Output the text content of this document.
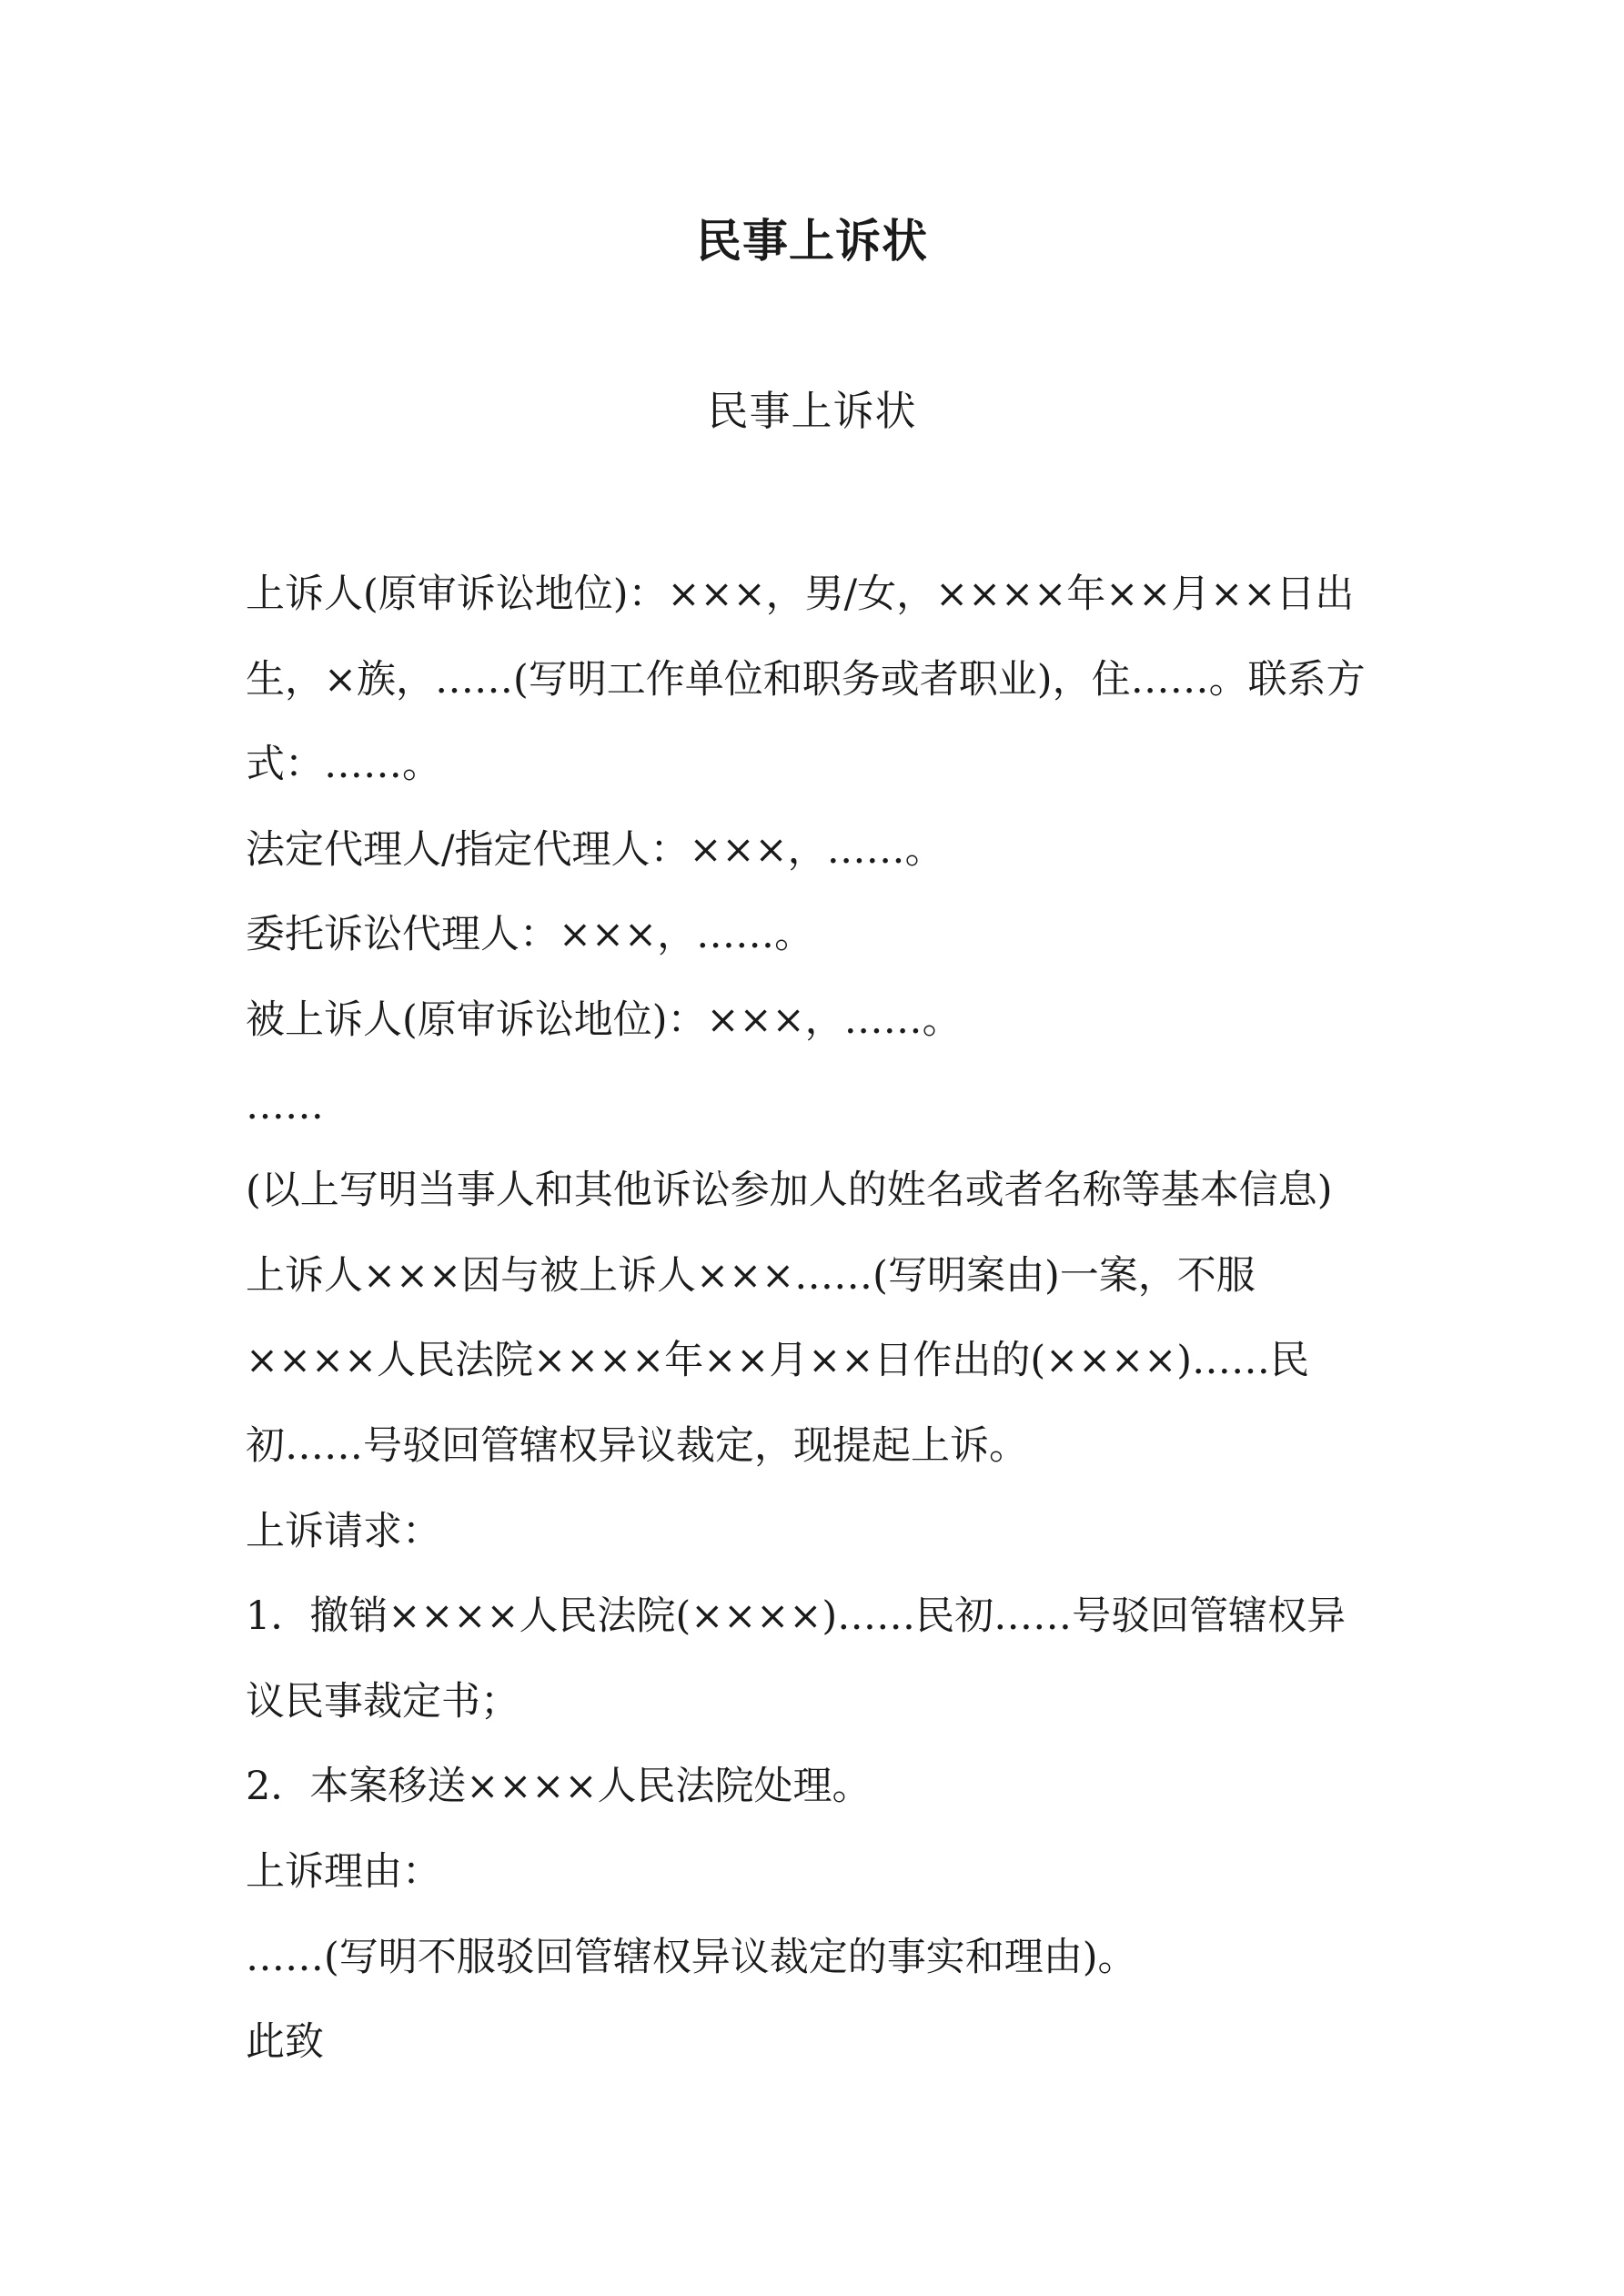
民事上诉状
民事上诉状

上诉人(原审诉讼地位)：×××，男/女，××××年××月××日出生，×族，……(写明工作单位和职务或者职业)，住……。联系方式：……。

法定代理人/指定代理人：×××，……。

委托诉讼代理人：×××，……。

被上诉人(原审诉讼地位)：×××，……。

……

(以上写明当事人和其他诉讼参加人的姓名或者名称等基本信息)

上诉人×××因与被上诉人×××……(写明案由)一案，不服××××人民法院××××年××月××日作出的(××××)……民初……号驳回管辖权异议裁定，现提起上诉。

上诉请求：

1．撤销××××人民法院(××××)……民初……号驳回管辖权异议民事裁定书；

2．本案移送××××人民法院处理。

上诉理由：

……(写明不服驳回管辖权异议裁定的事实和理由)。

此致
